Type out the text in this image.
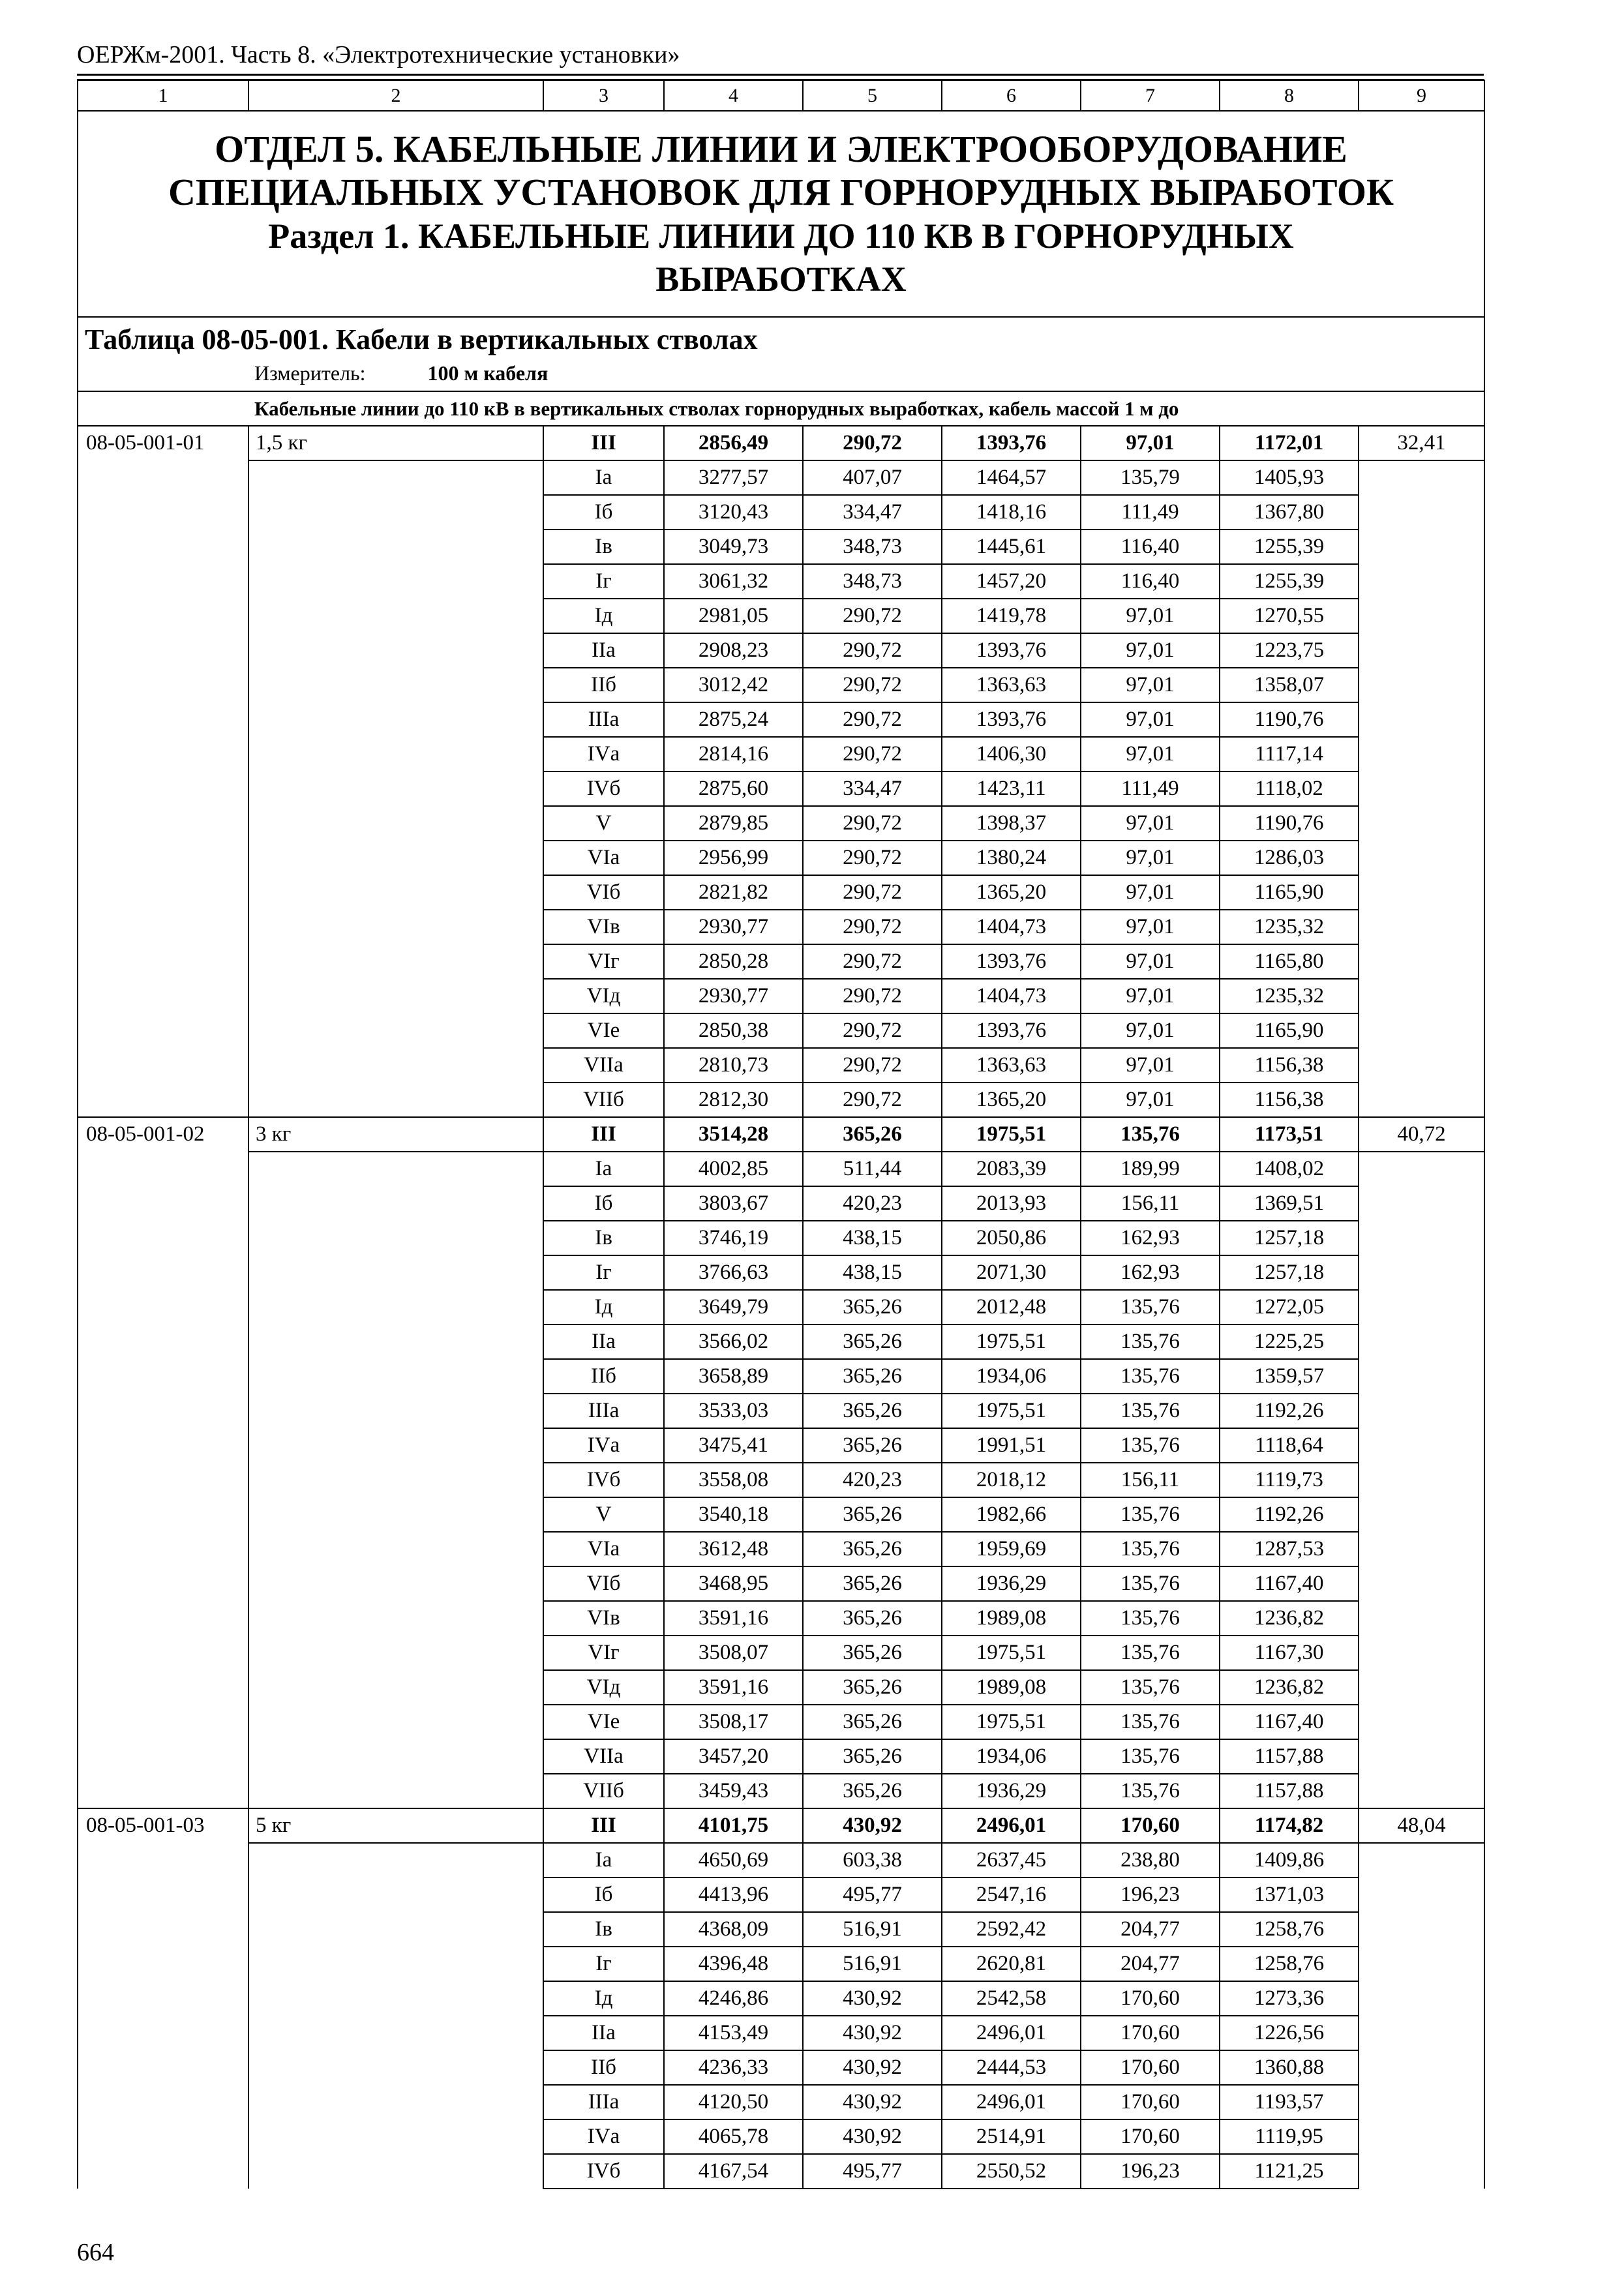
ОЕРЖм-2001. Часть 8. «Электротехнические установки»
1	2	3	4	5	6	7	8	9

ОТДЕЛ 5. КАБЕЛЬНЫЕ ЛИНИИ И ЭЛЕКТРООБОРУДОВАНИЕ
СПЕЦИАЛЬНЫХ УСТАНОВОК ДЛЯ ГОРНОРУДНЫХ ВЫРАБОТОК
Раздел 1. КАБЕЛЬНЫЕ ЛИНИИ ДО 110 КВ В ГОРНОРУДНЫХ
ВЫРАБОТКАХ								

Таблица 08-05-001. Кабели в вертикальных стволах
Измеритель: 100 м кабеля								

Кабельные линии до 110 кВ в вертикальных стволах горнорудных выработках, кабель массой 1 м до								
08-05-001-01	1,5 кг	III	2856,49	290,72	1393,76	97,01	1172,01	32,41
		Iа	3277,57	407,07	1464,57	135,79	1405,93	
		Iб	3120,43	334,47	1418,16	111,49	1367,80	
		Iв	3049,73	348,73	1445,61	116,40	1255,39	
		Iг	3061,32	348,73	1457,20	116,40	1255,39	
		Iд	2981,05	290,72	1419,78	97,01	1270,55	
		IIа	2908,23	290,72	1393,76	97,01	1223,75	
		IIб	3012,42	290,72	1363,63	97,01	1358,07	
		IIIа	2875,24	290,72	1393,76	97,01	1190,76	
		IVа	2814,16	290,72	1406,30	97,01	1117,14	
		IVб	2875,60	334,47	1423,11	111,49	1118,02	
		V	2879,85	290,72	1398,37	97,01	1190,76	
		VIа	2956,99	290,72	1380,24	97,01	1286,03	
		VIб	2821,82	290,72	1365,20	97,01	1165,90	
		VIв	2930,77	290,72	1404,73	97,01	1235,32	
		VIг	2850,28	290,72	1393,76	97,01	1165,80	
		VIд	2930,77	290,72	1404,73	97,01	1235,32	
		VIе	2850,38	290,72	1393,76	97,01	1165,90	
		VIIа	2810,73	290,72	1363,63	97,01	1156,38	
		VIIб	2812,30	290,72	1365,20	97,01	1156,38	
08-05-001-02	3 кг	III	3514,28	365,26	1975,51	135,76	1173,51	40,72
		Iа	4002,85	511,44	2083,39	189,99	1408,02	
		Iб	3803,67	420,23	2013,93	156,11	1369,51	
		Iв	3746,19	438,15	2050,86	162,93	1257,18	
		Iг	3766,63	438,15	2071,30	162,93	1257,18	
		Iд	3649,79	365,26	2012,48	135,76	1272,05	
		IIа	3566,02	365,26	1975,51	135,76	1225,25	
		IIб	3658,89	365,26	1934,06	135,76	1359,57	
		IIIа	3533,03	365,26	1975,51	135,76	1192,26	
		IVа	3475,41	365,26	1991,51	135,76	1118,64	
		IVб	3558,08	420,23	2018,12	156,11	1119,73	
		V	3540,18	365,26	1982,66	135,76	1192,26	
		VIа	3612,48	365,26	1959,69	135,76	1287,53	
		VIб	3468,95	365,26	1936,29	135,76	1167,40	
		VIв	3591,16	365,26	1989,08	135,76	1236,82	
		VIг	3508,07	365,26	1975,51	135,76	1167,30	
		VIд	3591,16	365,26	1989,08	135,76	1236,82	
		VIе	3508,17	365,26	1975,51	135,76	1167,40	
		VIIа	3457,20	365,26	1934,06	135,76	1157,88	
		VIIб	3459,43	365,26	1936,29	135,76	1157,88	
08-05-001-03	5 кг	III	4101,75	430,92	2496,01	170,60	1174,82	48,04
		Iа	4650,69	603,38	2637,45	238,80	1409,86	
		Iб	4413,96	495,77	2547,16	196,23	1371,03	
		Iв	4368,09	516,91	2592,42	204,77	1258,76	
		Iг	4396,48	516,91	2620,81	204,77	1258,76	
		Iд	4246,86	430,92	2542,58	170,60	1273,36	
		IIа	4153,49	430,92	2496,01	170,60	1226,56	
		IIб	4236,33	430,92	2444,53	170,60	1360,88	
		IIIа	4120,50	430,92	2496,01	170,60	1193,57	
		IVа	4065,78	430,92	2514,91	170,60	1119,95	
		IVб	4167,54	495,77	2550,52	196,23	1121,25	
664
